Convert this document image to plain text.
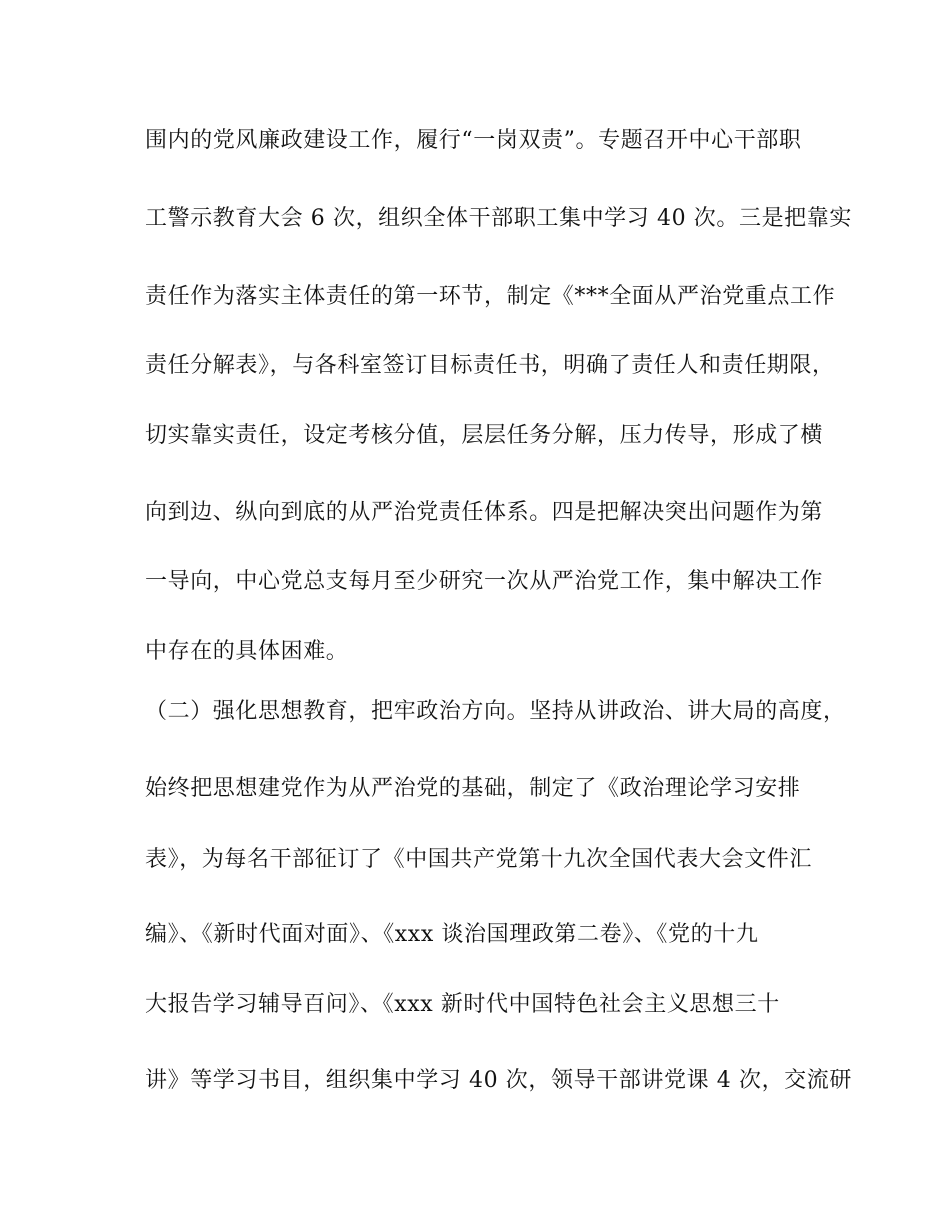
围内的党风廉政建设工作，履行“一岗双责”。专题召开中心干部职
工警示教育大会 6 次，组织全体干部职工集中学习 40 次。三是把靠实
责任作为落实主体责任的第一环节，制定《***全面从严治党重点工作
责任分解表》，与各科室签订目标责任书，明确了责任人和责任期限，
切实靠实责任，设定考核分值，层层任务分解，压力传导，形成了横
向到边、纵向到底的从严治党责任体系。四是把解决突出问题作为第
一导向，中心党总支每月至少研究一次从严治党工作，集中解决工作
中存在的具体困难。
（二）强化思想教育，把牢政治方向。坚持从讲政治、讲大局的高度，
始终把思想建党作为从严治党的基础，制定了《政治理论学习安排
表》，为每名干部征订了《中国共产党第十九次全国代表大会文件汇
编》、《新时代面对面》、《xxx 谈治国理政第二卷》、《党的十九
大报告学习辅导百问》、《xxx 新时代中国特色社会主义思想三十
讲》等学习书目，组织集中学习 40 次，领导干部讲党课 4 次，交流研
